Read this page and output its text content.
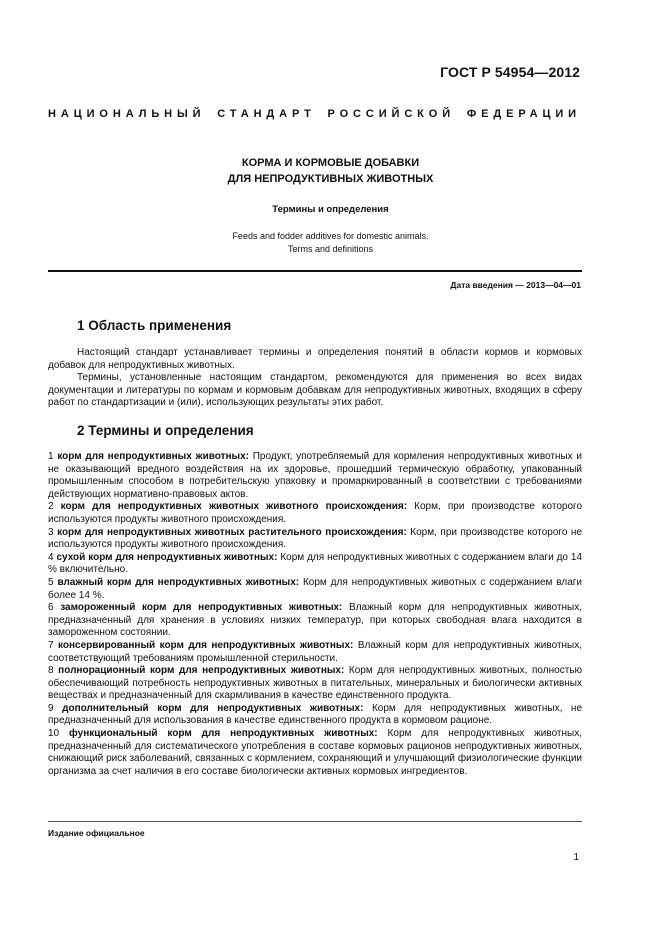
ГОСТ Р 54954—2012
НАЦИОНАЛЬНЫЙ СТАНДАРТ РОССИЙСКОЙ ФЕДЕРАЦИИ
КОРМА И КОРМОВЫЕ ДОБАВКИ
ДЛЯ НЕПРОДУКТИВНЫХ ЖИВОТНЫХ
Термины и определения
Feeds and fodder additives for domestic animals.
Terms and definitions
Дата введения — 2013—04—01
1 Область применения

Настоящий стандарт устанавливает термины и определения понятий в области кормов и кормовых добавок для непродуктивных животных.

Термины, установленные настоящим стандартом, рекомендуются для применения во всех видах документации и литературы по кормам и кормовым добавкам для непродуктивных животных, входящих в сферу работ по стандартизации и (или), использующих результаты этих работ.

2 Термины и определения

1 корм для непродуктивных животных: Продукт, употребляемый для кормления непродуктивных животных и не оказывающий вредного воздействия на их здоровье, прошедший термическую обработку, упакованный промышленным способом в потребительскую упаковку и промаркированный в соответствии с требованиями действующих нормативно-правовых актов.

2 корм для непродуктивных животных животного происхождения: Корм, при производстве которого используются продукты животного происхождения.

3 корм для непродуктивных животных растительного происхождения: Корм, при производстве которого не используются продукты животного происхождения.

4 сухой корм для непродуктивных животных: Корм для непродуктивных животных с содержанием влаги до 14 % включительно.

5 влажный корм для непродуктивных животных: Корм для непродуктивных животных с содержанием влаги более 14 %.

6 замороженный корм для непродуктивных животных: Влажный корм для непродуктивных животных, предназначенный для хранения в условиях низких температур, при которых свободная влага находится в замороженном состоянии.

7 консервированный корм для непродуктивных животных: Влажный корм для непродуктивных животных, соответствующий требованиям промышленной стерильности.

8 полнорационный корм для непродуктивных животных: Корм для непродуктивных животных, полностью обеспечивающий потребность непродуктивных животных в питательных, минеральных и биологически активных веществах и предназначенный для скармливания в качестве единственного продукта.

9 дополнительный корм для непродуктивных животных: Корм для непродуктивных животных, не предназначенный для использования в качестве единственного продукта в кормовом рационе.

10 функциональный корм для непродуктивных животных: Корм для непродуктивных животных, предназначенный для систематического употребления в составе кормовых рационов непродуктивных животных, снижающий риск заболеваний, связанных с кормлением, сохраняющий и улучшающий физиологические функции организма за счет наличия в его составе биологически активных кормовых ингредиентов.

Издание официальное
1
